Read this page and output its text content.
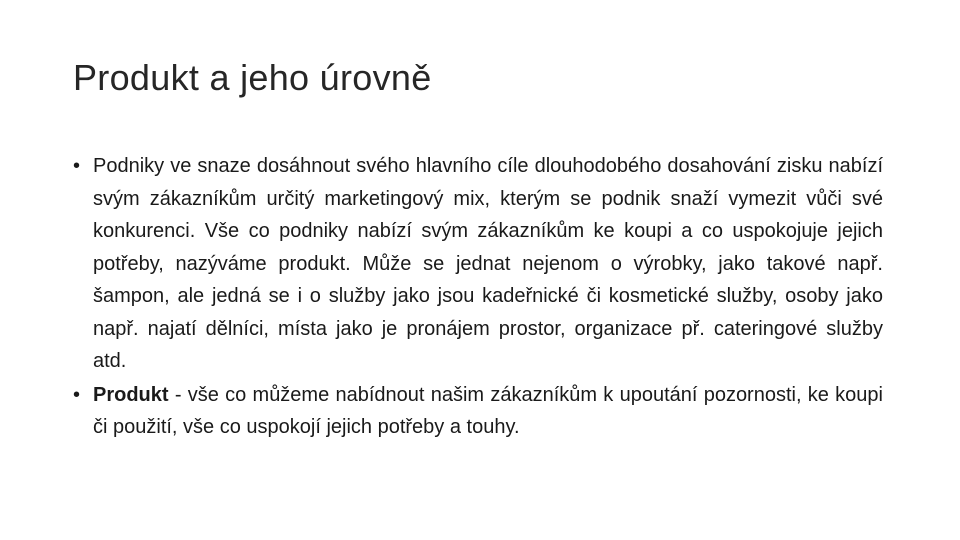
Produkt a jeho úrovně
• Podniky ve snaze dosáhnout svého hlavního cíle dlouhodobého dosahování zisku nabízí svým zákazníkům určitý marketingový mix, kterým se podnik snaží vymezit vůči své konkurenci. Vše co podniky nabízí svým zákazníkům ke koupi a co uspokojuje jejich potřeby, nazýváme produkt. Může se jednat nejenom o výrobky, jako takové např. šampon, ale jedná se i o služby jako jsou kadeřnické či kosmetické služby, osoby jako např. najatí dělníci, místa jako je pronájem prostor, organizace př. cateringové služby atd.
• Produkt - vše co můžeme nabídnout našim zákazníkům k upoutání pozornosti, ke koupi či použití, vše co uspokojí jejich potřeby a touhy.
